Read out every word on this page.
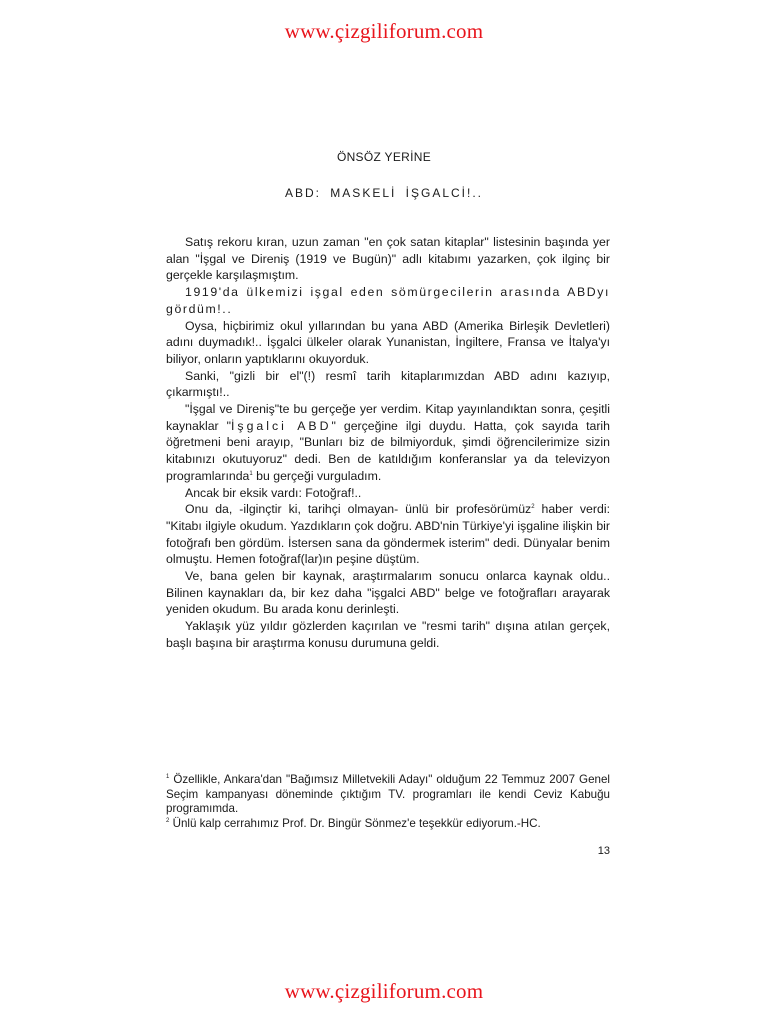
www.çizgiliforum.com
ÖNSÖZ YERİNE
ABD: MASKELİ İŞGALCİ!..

Satış rekoru kıran, uzun zaman "en çok satan kitaplar" listesinin başında yer alan "İşgal ve Direniş (1919 ve Bugün)" adlı kitabımı yazarken, çok ilginç bir gerçekle karşılaşmıştım.

1919'da ülkemizi işgal eden sömürgecilerin arasında ABDyı gördüm!..

Oysa, hiçbirimiz okul yıllarından bu yana ABD (Amerika Birleşik Devletleri) adını duymadık!.. İşgalci ülkeler olarak Yunanistan, İngiltere, Fransa ve İtalya'yı biliyor, onların yaptıklarını okuyorduk.

Sanki, "gizli bir el"(!) resmî tarih kitaplarımızdan ABD adını kazıyıp, çıkarmıştı!..

"İşgal ve Direniş"te bu gerçeğe yer verdim. Kitap yayınlandıktan sonra, çeşitli kaynaklar "İşgalci ABD" gerçeğine ilgi duydu. Hatta, çok sayıda tarih öğretmeni beni arayıp, "Bunları biz de bilmiyorduk, şimdi öğrencilerimize sizin kitabınızı okutuyoruz" dedi. Ben de katıldığım konferanslar ya da televizyon programlarında$^1$ bu gerçeği vurguladım.

Ancak bir eksik vardı: Fotoğraf!..

Onu da, -ilginçtir ki, tarihçi olmayan- ünlü bir profesörümüz$^2$ haber verdi: "Kitabı ilgiyle okudum. Yazdıkların çok doğru. ABD'nin Türkiye'yi işgaline ilişkin bir fotoğrafı ben gördüm. İstersen sana da göndermek isterim" dedi. Dünyalar benim olmuştu. Hemen fotoğraf(lar)ın peşine düştüm.

Ve, bana gelen bir kaynak, araştırmalarım sonucu onlarca kaynak oldu.. Bilinen kaynakları da, bir kez daha "işgalci ABD" belge ve fotoğrafları arayarak yeniden okudum. Bu arada konu derinleşti.

Yaklaşık yüz yıldır gözlerden kaçırılan ve "resmi tarih" dışına atılan gerçek, başlı başına bir araştırma konusu durumuna geldi.

$^1$ Özellikle, Ankara'dan "Bağımsız Milletvekili Adayı" olduğum 22 Temmuz 2007 Genel Seçim kampanyası döneminde çıktığım TV. programları ile kendi Ceviz Kabuğu programımda.

$^2$ Ünlü kalp cerrahımız Prof. Dr. Bingür Sönmez'e teşekkür ediyorum.-HC.

13
www.çizgiliforum.com
